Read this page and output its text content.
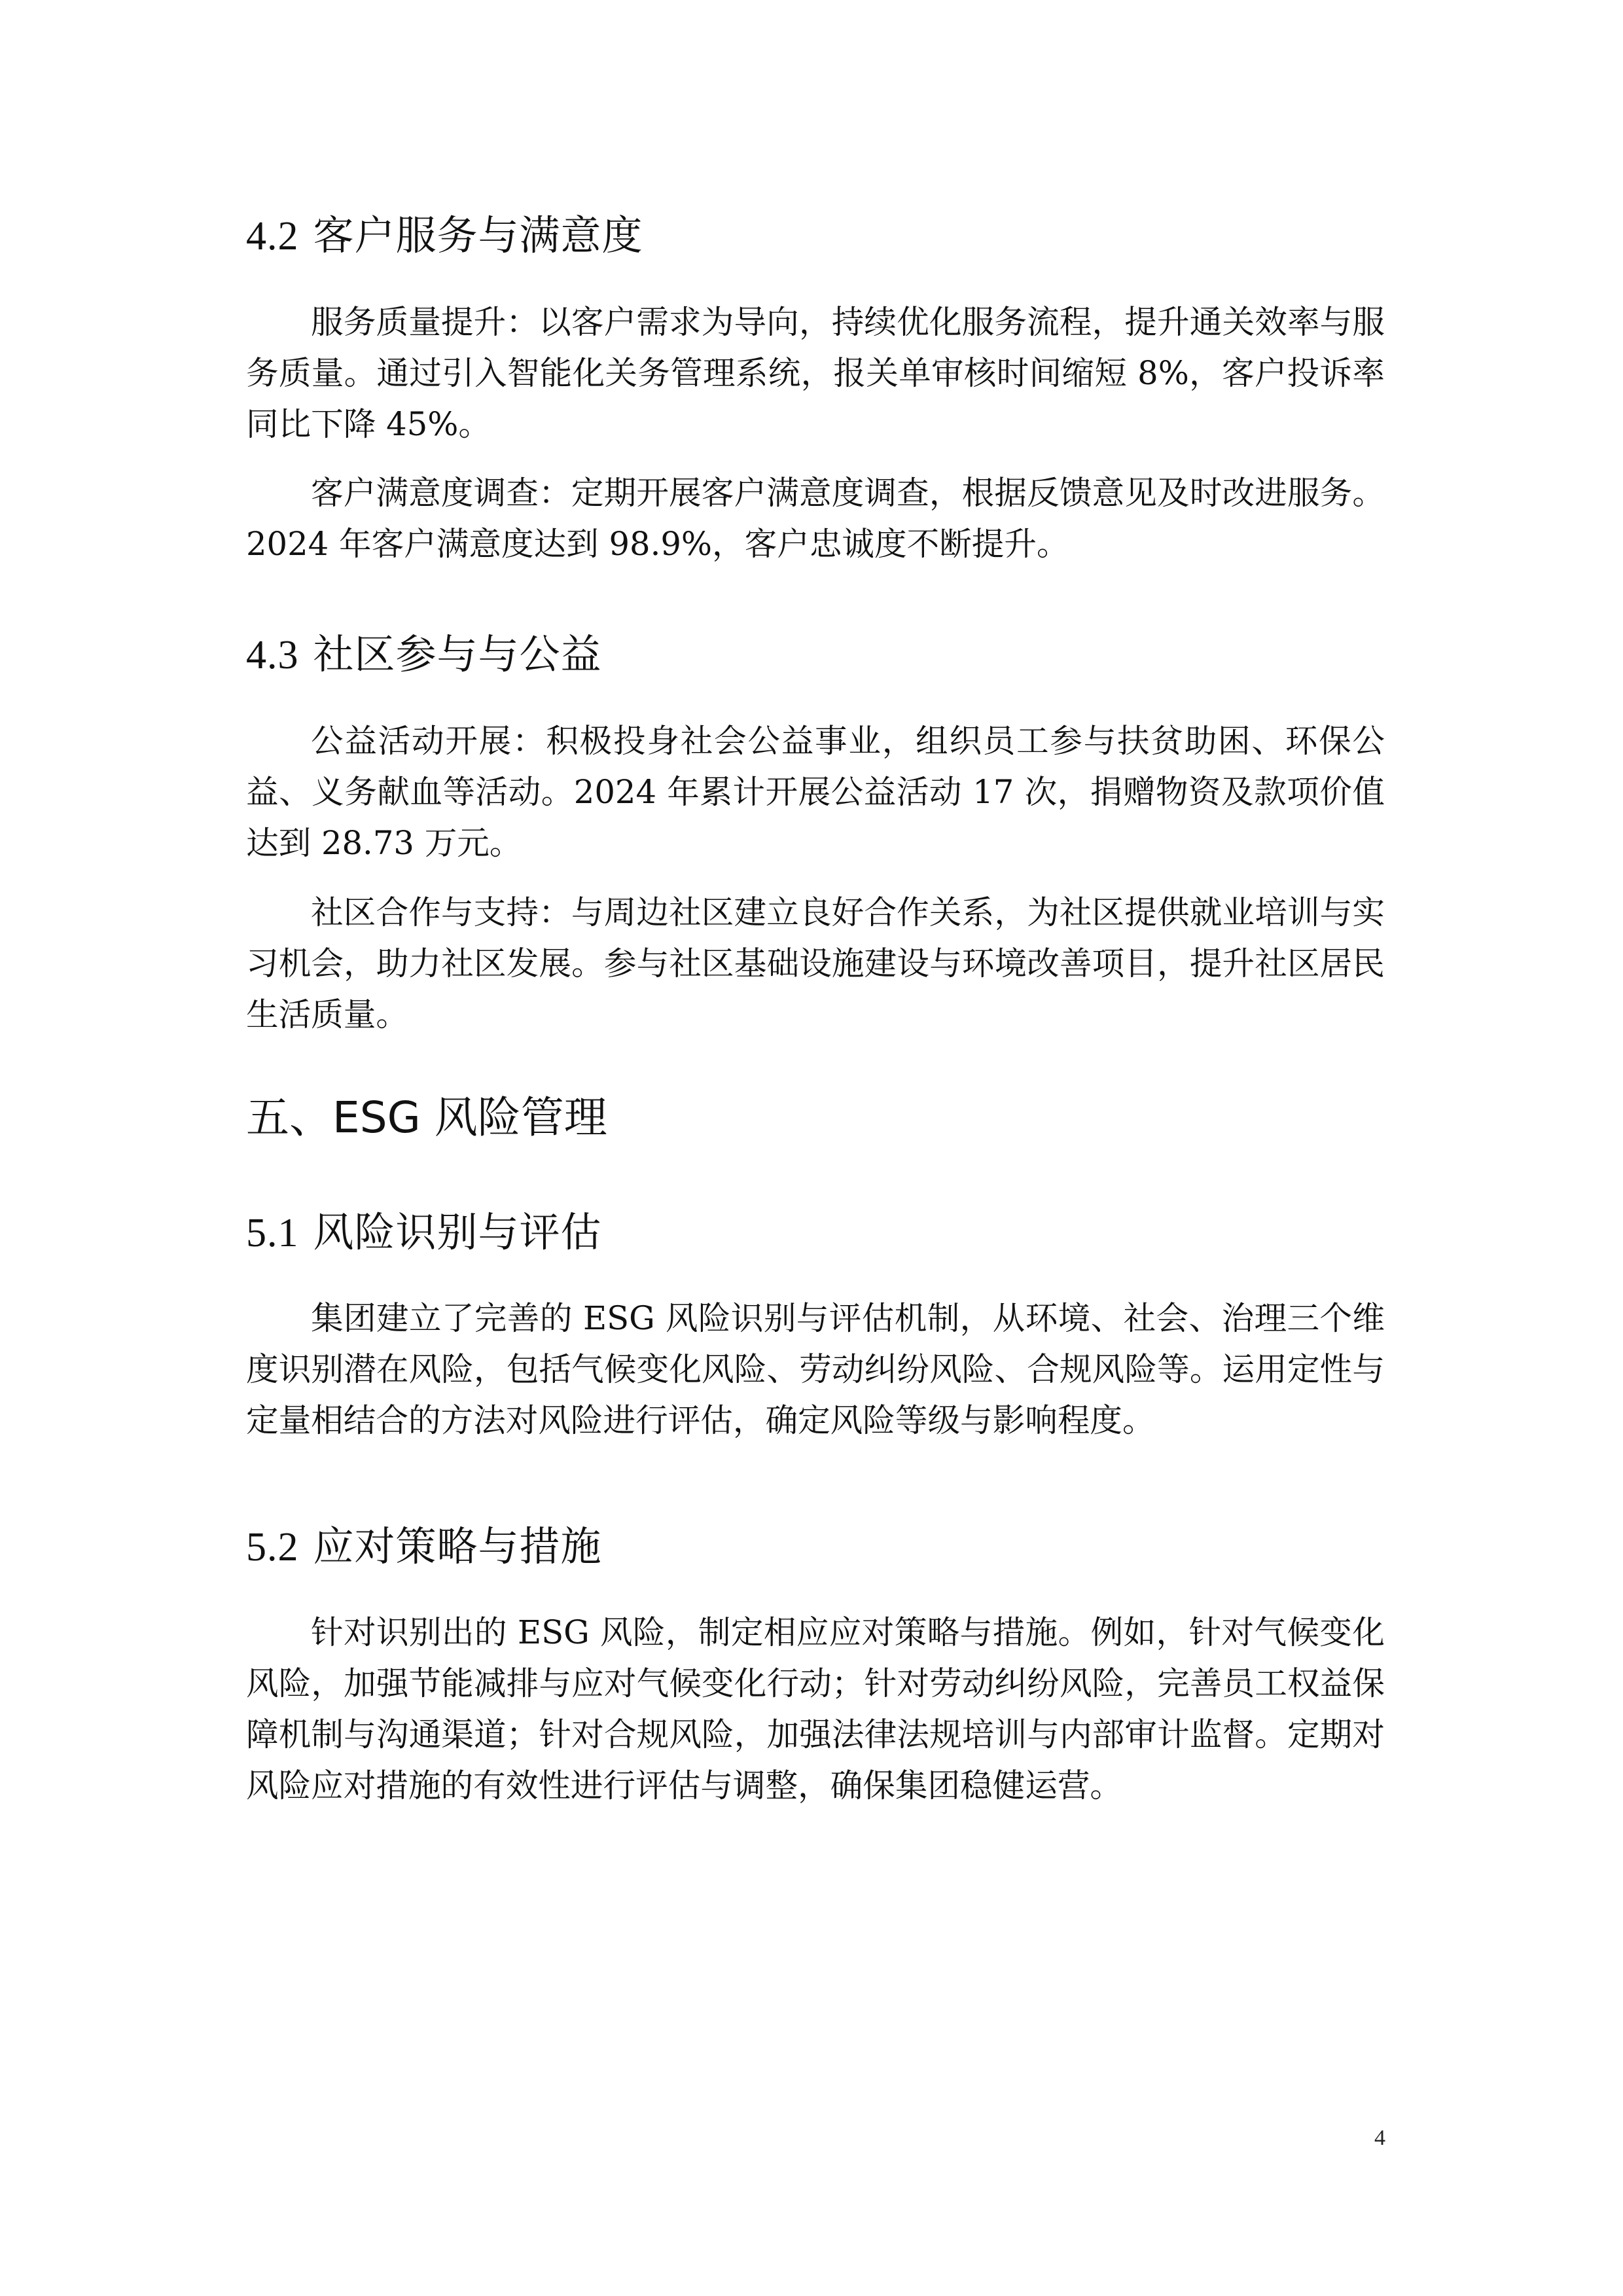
4.2 客户服务与满意度

服务质量提升：以客户需求为导向，持续优化服务流程，提升通关效率与服务质量。通过引入智能化关务管理系统，报关单审核时间缩短 8%，客户投诉率同比下降 45%。

客户满意度调查：定期开展客户满意度调查，根据反馈意见及时改进服务。2024 年客户满意度达到 98.9%，客户忠诚度不断提升。

4.3 社区参与与公益

公益活动开展：积极投身社会公益事业，组织员工参与扶贫助困、环保公益、义务献血等活动。2024 年累计开展公益活动 17 次，捐赠物资及款项价值达到 28.73 万元。

社区合作与支持：与周边社区建立良好合作关系，为社区提供就业培训与实习机会，助力社区发展。参与社区基础设施建设与环境改善项目，提升社区居民生活质量。

五、ESG 风险管理
5.1 风险识别与评估

集团建立了完善的 ESG 风险识别与评估机制，从环境、社会、治理三个维度识别潜在风险，包括气候变化风险、劳动纠纷风险、合规风险等。运用定性与定量相结合的方法对风险进行评估，确定风险等级与影响程度。

5.2 应对策略与措施

针对识别出的 ESG 风险，制定相应应对策略与措施。例如，针对气候变化风险，加强节能减排与应对气候变化行动；针对劳动纠纷风险，完善员工权益保障机制与沟通渠道；针对合规风险，加强法律法规培训与内部审计监督。定期对风险应对措施的有效性进行评估与调整，确保集团稳健运营。

4
